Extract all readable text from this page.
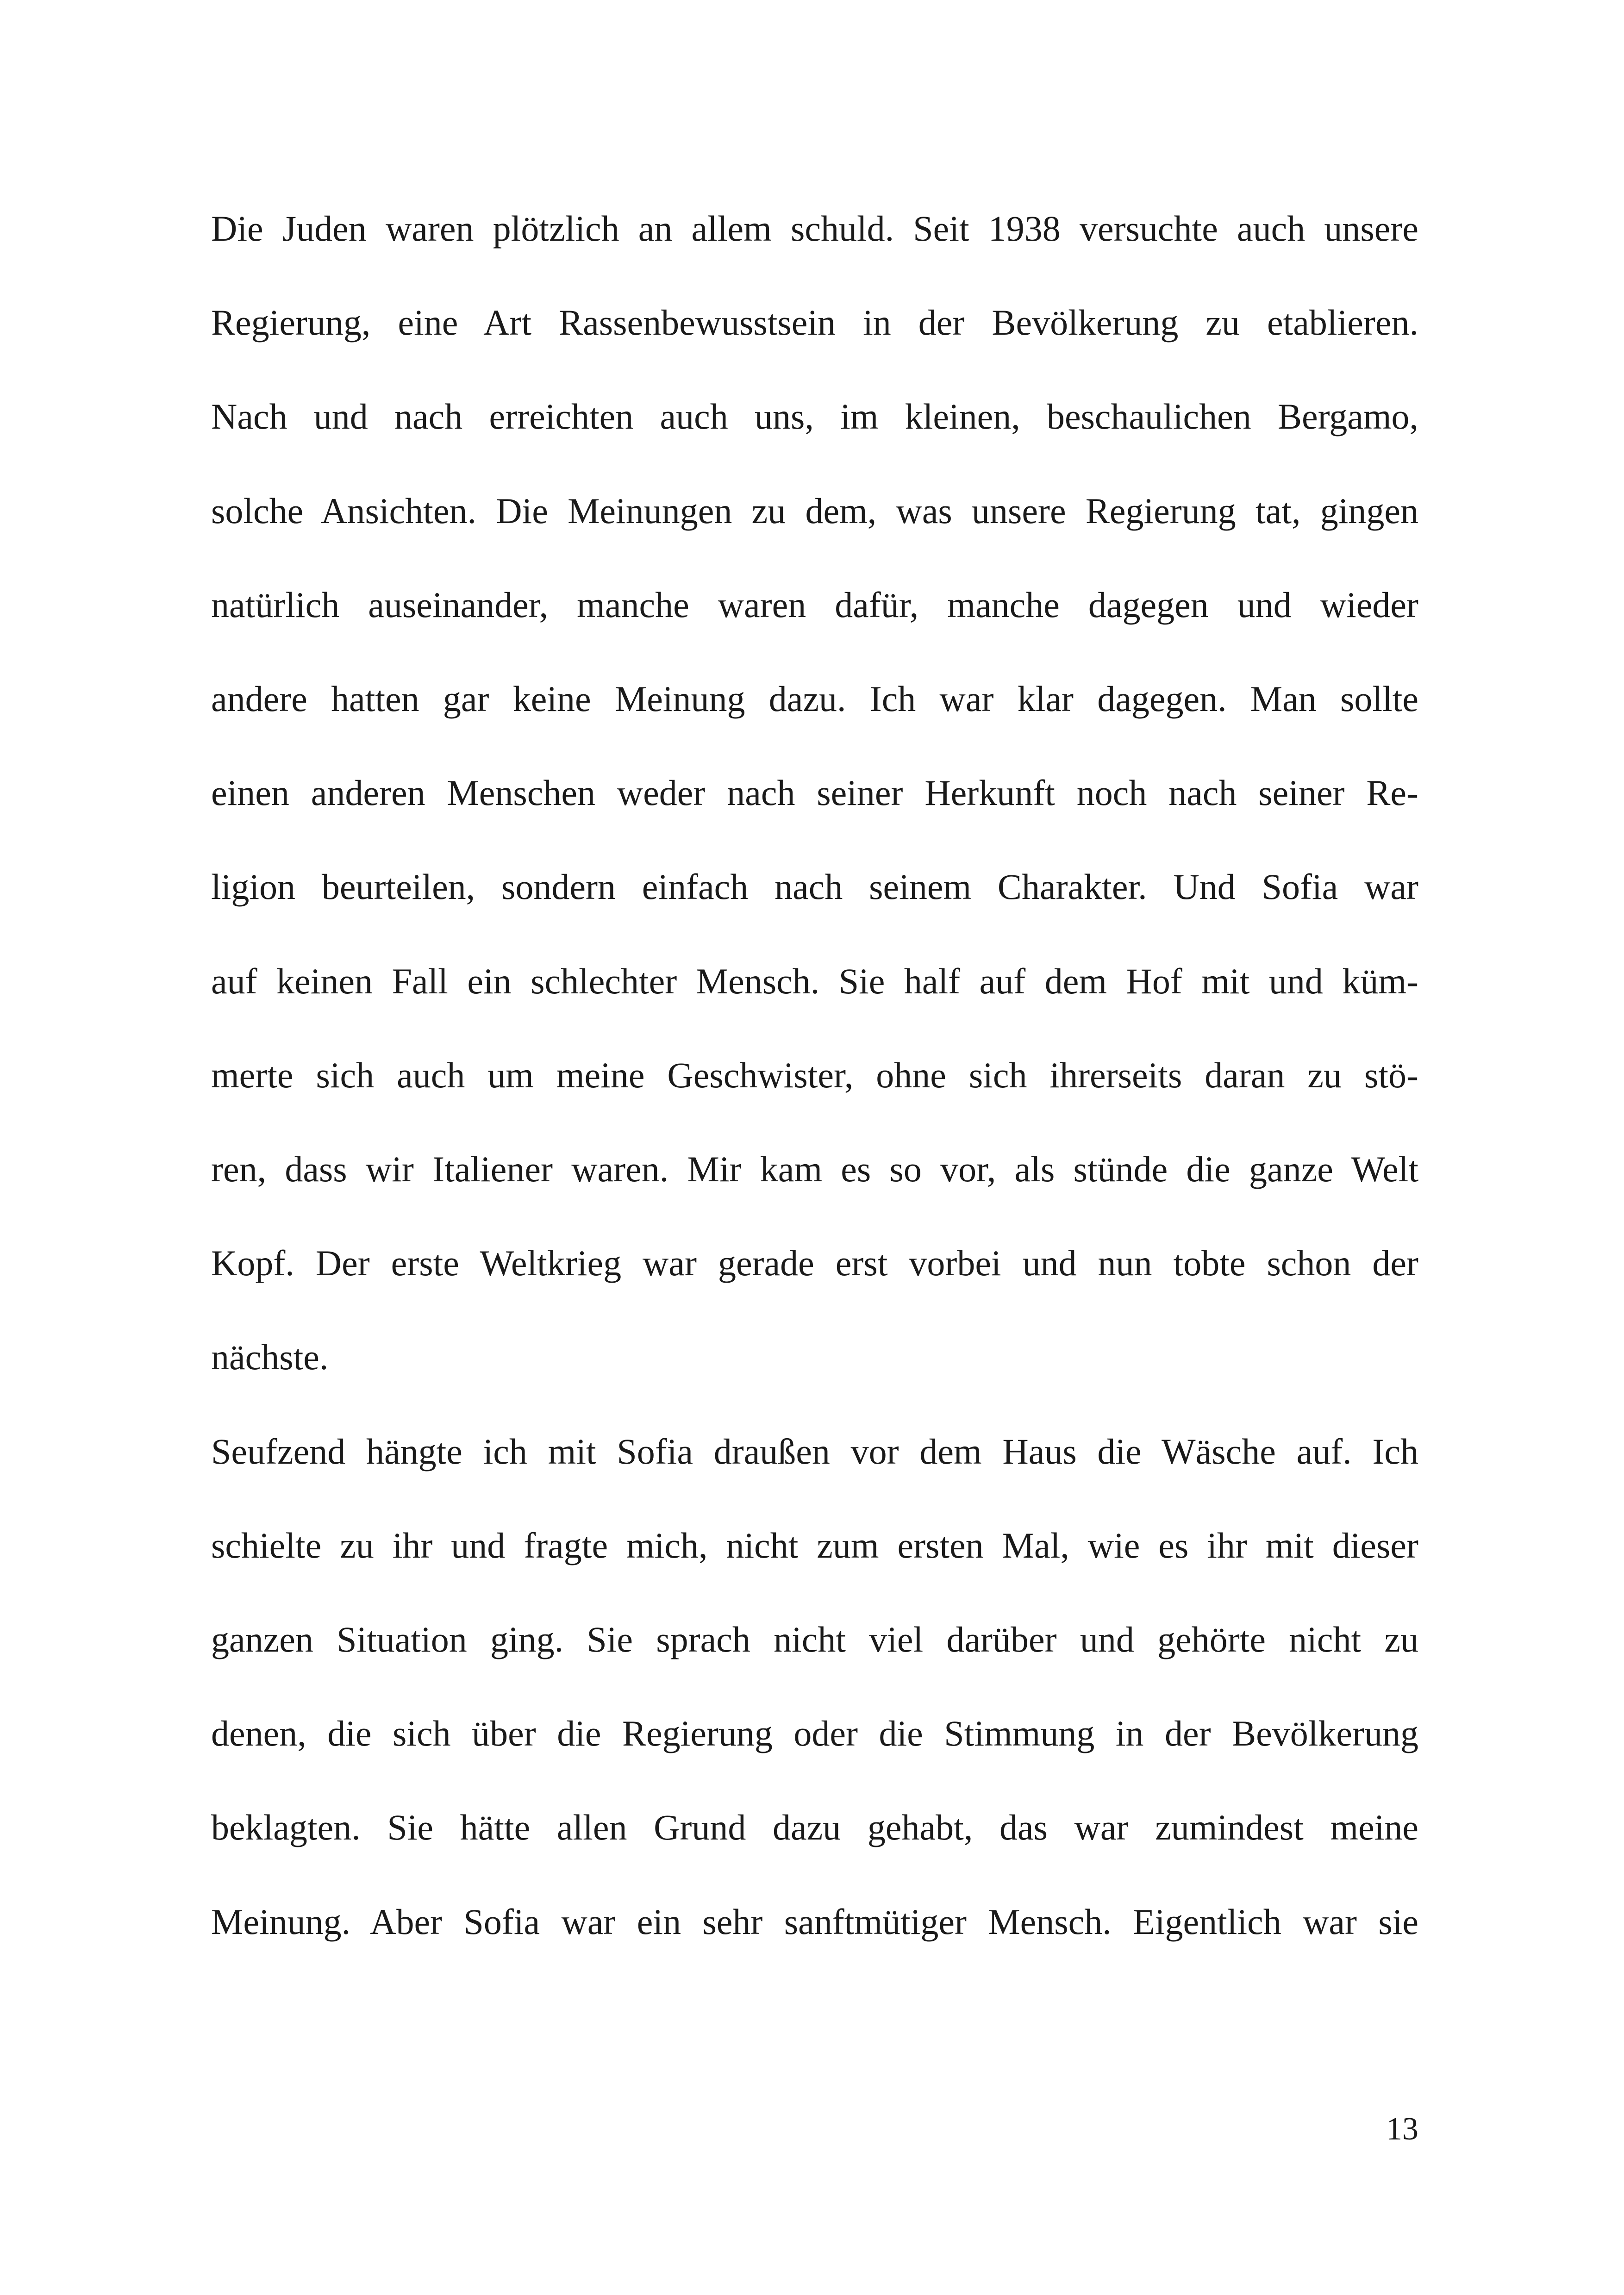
Die Juden waren plötzlich an allem schuld. Seit 1938 versuchte auch unsere
Regierung, eine Art Rassenbewusstsein in der Bevölkerung zu etablieren.
Nach und nach erreichten auch uns, im kleinen, beschaulichen Bergamo,
solche Ansichten. Die Meinungen zu dem, was unsere Regierung tat, gingen
natürlich auseinander, manche waren dafür, manche dagegen und wieder
andere hatten gar keine Meinung dazu. Ich war klar dagegen. Man sollte
einen anderen Menschen weder nach seiner Herkunft noch nach seiner Re-
ligion beurteilen, sondern einfach nach seinem Charakter. Und Sofia war
auf keinen Fall ein schlechter Mensch. Sie half auf dem Hof mit und küm-
merte sich auch um meine Geschwister, ohne sich ihrerseits daran zu stö-
ren, dass wir Italiener waren. Mir kam es so vor, als stünde die ganze Welt
Kopf. Der erste Weltkrieg war gerade erst vorbei und nun tobte schon der
nächste.
Seufzend hängte ich mit Sofia draußen vor dem Haus die Wäsche auf. Ich
schielte zu ihr und fragte mich, nicht zum ersten Mal, wie es ihr mit dieser
ganzen Situation ging. Sie sprach nicht viel darüber und gehörte nicht zu
denen, die sich über die Regierung oder die Stimmung in der Bevölkerung
beklagten. Sie hätte allen Grund dazu gehabt, das war zumindest meine
Meinung. Aber Sofia war ein sehr sanftmütiger Mensch. Eigentlich war sie
13
